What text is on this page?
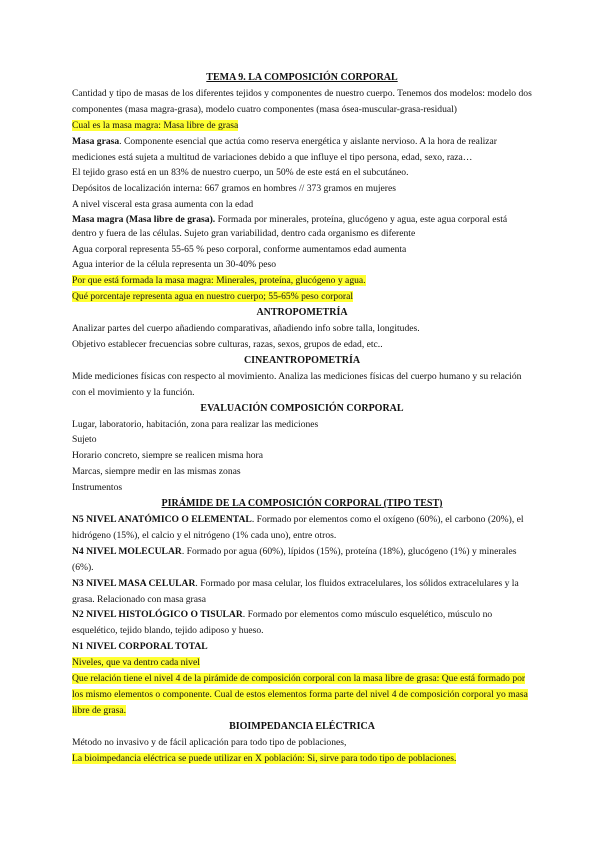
TEMA 9. LA COMPOSICIÓN CORPORAL

Cantidad y tipo de masas de los diferentes tejidos y componentes de nuestro cuerpo. Tenemos dos modelos: modelo dos componentes (masa magra-grasa), modelo cuatro componentes (masa ósea-muscular-grasa-residual)

Cual es la masa magra: Masa libre de grasa

Masa grasa. Componente esencial que actúa como reserva energética y aislante nervioso. A la hora de realizar mediciones está sujeta a multitud de variaciones debido a que influye el tipo persona, edad, sexo, raza…

El tejido graso está en un 83% de nuestro cuerpo, un 50% de este está en el subcutáneo.

Depósitos de localización interna: 667 gramos en hombres // 373 gramos en mujeres

A nivel visceral esta grasa aumenta con la edad

Masa magra (Masa libre de grasa). Formada por minerales, proteína, glucógeno y agua, este agua corporal está dentro y fuera de las células. Sujeto gran variabilidad, dentro cada organismo es diferente

Agua corporal representa 55-65 % peso corporal, conforme aumentamos edad aumenta

Agua interior de la célula representa un 30-40% peso

Por que está formada la masa magra: Minerales, proteína, glucógeno y agua.

Qué porcentaje representa agua en nuestro cuerpo; 55-65% peso corporal

ANTROPOMETRÍA

Analizar partes del cuerpo añadiendo comparativas, añadiendo info sobre talla, longitudes.

Objetivo establecer frecuencias sobre culturas, razas, sexos, grupos de edad, etc..

CINEANTROPOMETRÍA

Mide mediciones físicas con respecto al movimiento. Analiza las mediciones físicas del cuerpo humano y su relación con el movimiento y la función.

EVALUACIÓN COMPOSICIÓN CORPORAL

Lugar, laboratorio, habitación, zona para realizar las mediciones

Sujeto

Horario concreto, siempre se realicen misma hora

Marcas, siempre medir en las mismas zonas

Instrumentos

PIRÁMIDE DE LA COMPOSICIÓN CORPORAL (TIPO TEST)

N5 NIVEL ANATÓMICO O ELEMENTAL. Formado por elementos como el oxígeno (60%), el carbono (20%), el hidrógeno (15%), el calcio y el nitrógeno (1% cada uno), entre otros.

N4 NIVEL MOLECULAR. Formado por agua (60%), lípidos (15%), proteína (18%), glucógeno (1%) y minerales (6%).

N3 NIVEL MASA CELULAR. Formado por masa celular, los fluidos extracelulares, los sólidos extracelulares y la grasa. Relacionado con masa grasa

N2 NIVEL HISTOLÓGICO O TISULAR. Formado por elementos como músculo esquelético, músculo no esquelético, tejido blando, tejido adiposo y hueso.

N1 NIVEL CORPORAL TOTAL

Niveles, que va dentro cada nivel

Que relación tiene el nivel 4 de la pirámide de composición corporal con la masa libre de grasa: Que está formado por los mismo elementos o componente. Cual de estos elementos forma parte del nivel 4 de composición corporal yo masa libre de grasa.

BIOIMPEDANCIA ELÉCTRICA

Método no invasivo y de fácil aplicación para todo tipo de poblaciones,

La bioimpedancia eléctrica se puede utilizar en X población: Si, sirve para todo tipo de poblaciones.
